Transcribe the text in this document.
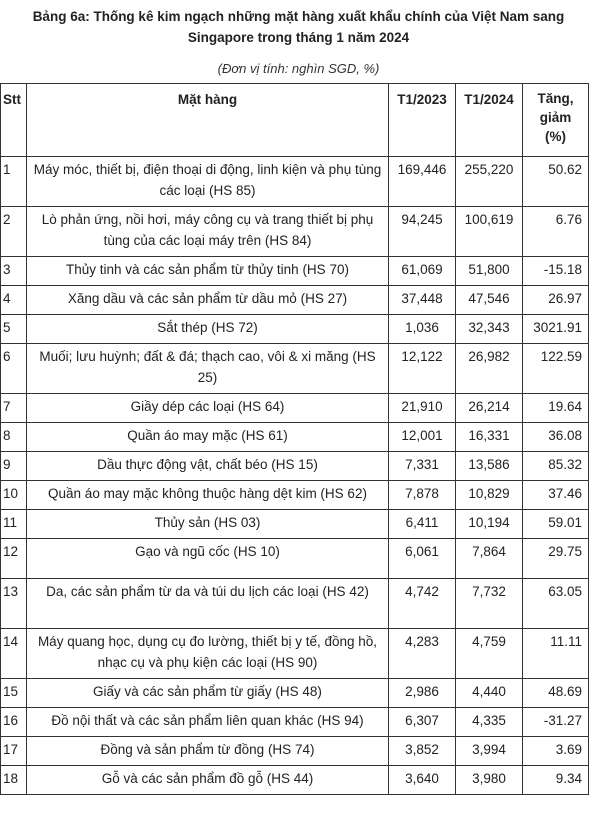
Bảng 6a: Thống kê kim ngạch những mặt hàng xuất khẩu chính của Việt Nam sang
Singapore trong tháng 1 năm 2024
(Đơn vị tính: nghìn SGD, %)
Stt	Mặt hàng	T1/2023	T1/2024	Tăng,
giảm
(%)

1	Máy móc, thiết bị, điện thoại di động, linh kiện và phụ tùng các loại (HS 85)	169,446	255,220	50.62
2	Lò phản ứng, nồi hơi, máy công cụ và trang thiết bị phụ tùng của các loại máy trên (HS 84)	94,245	100,619	6.76
3	Thủy tinh và các sản phẩm từ thủy tinh (HS 70)	61,069	51,800	-15.18
4	Xăng dầu và các sản phẩm từ dầu mỏ (HS 27)	37,448	47,546	26.97
5	Sắt thép (HS 72)	1,036	32,343	3021.91
6	Muối; lưu huỳnh; đất & đá; thạch cao, vôi & xi măng (HS 25)	12,122	26,982	122.59
7	Giầy dép các loại (HS 64)	21,910	26,214	19.64
8	Quần áo may mặc (HS 61)	12,001	16,331	36.08
9	Dầu thực động vật, chất béo (HS 15)	7,331	13,586	85.32
10	Quần áo may mặc không thuộc hàng dệt kim (HS 62)	7,878	10,829	37.46
11	Thủy sản (HS 03)	6,411	10,194	59.01
12	Gạo và ngũ cốc (HS 10)	6,061	7,864	29.75
13	Da, các sản phẩm từ da và túi du lịch các loại (HS 42)	4,742	7,732	63.05
14	Máy quang học, dụng cụ đo lường, thiết bị y tế, đồng hồ, nhạc cụ và phụ kiện các loại (HS 90)	4,283	4,759	11.11
15	Giấy và các sản phẩm từ giấy (HS 48)	2,986	4,440	48.69
16	Đồ nội thất và các sản phẩm liên quan khác (HS 94)	6,307	4,335	-31.27
17	Đồng và sản phẩm từ đồng (HS 74)	3,852	3,994	3.69
18	Gỗ và các sản phẩm đồ gỗ (HS 44)	3,640	3,980	9.34
